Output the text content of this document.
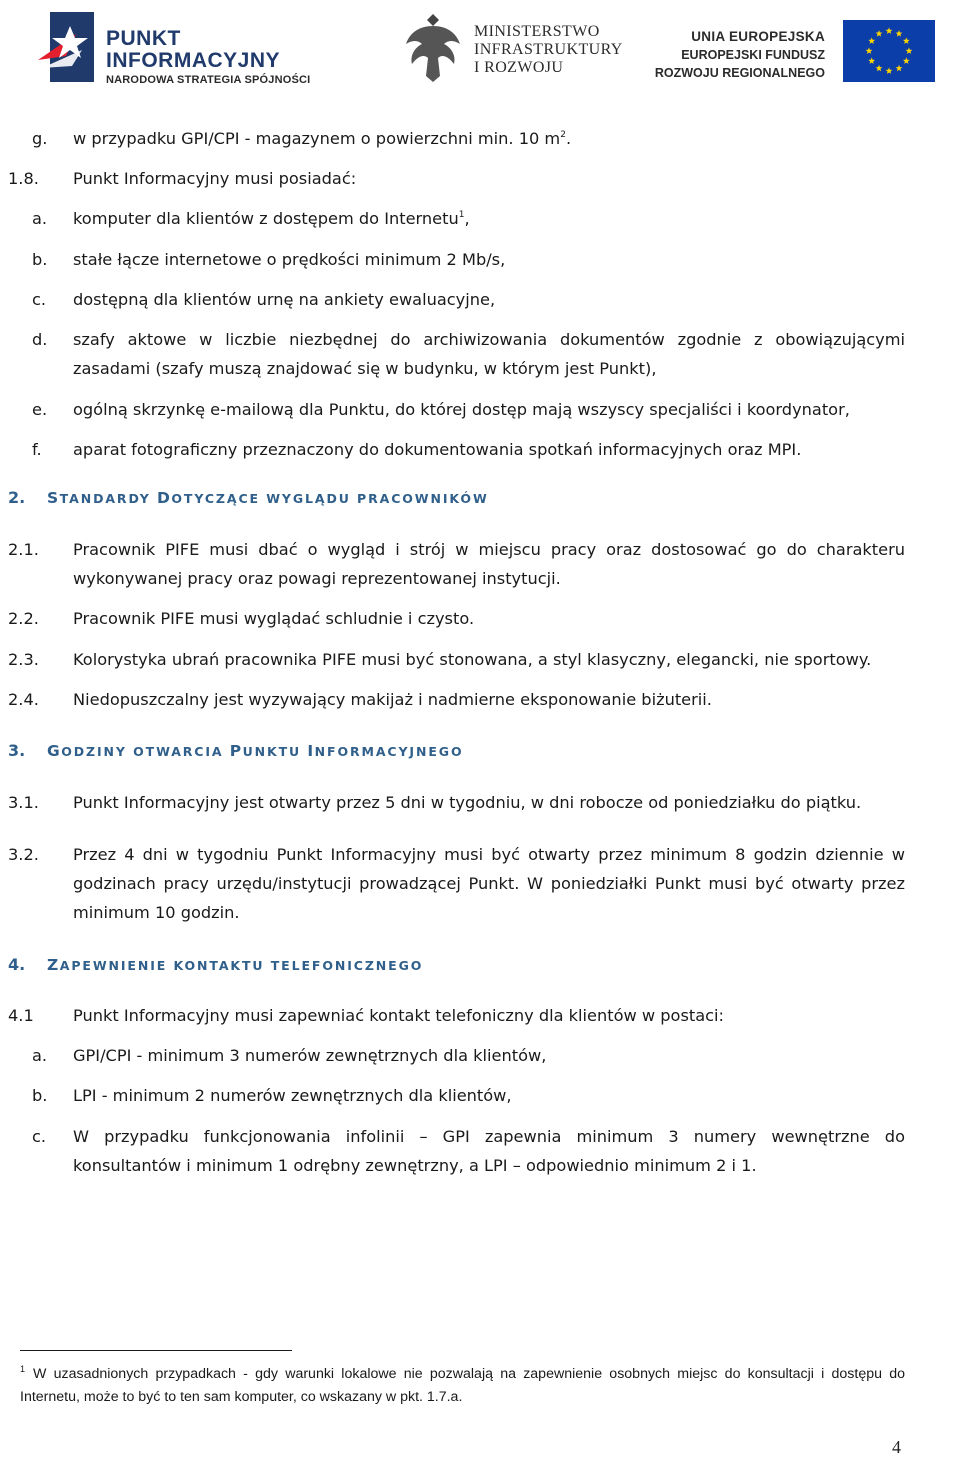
PUNKT
INFORMACYJNY
NARODOWA STRATEGIA SPÓJNOŚCI
MINISTERSTWO
INFRASTRUKTURY
I ROZWOJU
UNIA EUROPEJSKA
EUROPEJSKI FUNDUSZ
ROZWOJU REGIONALNEGO
g. w przypadku GPI/CPI - magazynem o powierzchni min. 10 $m^2$.
1.8. Punkt Informacyjny musi posiadać:
a. komputer dla klientów z dostępem do Internetu$^1$,
b. stałe łącze internetowe o prędkości minimum 2 Mb/s,
c. dostępną dla klientów urnę na ankiety ewaluacyjne,
d. szafy aktowe w liczbie niezbędnej do archiwizowania dokumentów zgodnie z obowiązującymi zasadami (szafy muszą znajdować się w budynku, w którym jest Punkt),
e. ogólną skrzynkę e-mailową dla Punktu, do której dostęp mają wszyscy specjaliści i koordynator,
f. aparat fotograficzny przeznaczony do dokumentowania spotkań informacyjnych oraz MPI.
2. STANDARDY DOTYCZĄCE WYGLĄDU PRACOWNIKÓW
2.1. Pracownik PIFE musi dbać o wygląd i strój w miejscu pracy oraz dostosować go do charakteru wykonywanej pracy oraz powagi reprezentowanej instytucji.
2.2. Pracownik PIFE musi wyglądać schludnie i czysto.
2.3. Kolorystyka ubrań pracownika PIFE musi być stonowana, a styl klasyczny, elegancki, nie sportowy.
2.4. Niedopuszczalny jest wyzywający makijaż i nadmierne eksponowanie biżuterii.
3. GODZINY OTWARCIA PUNKTU INFORMACYJNEGO
3.1. Punkt Informacyjny jest otwarty przez 5 dni w tygodniu, w dni robocze od poniedziałku do piątku.
3.2. Przez 4 dni w tygodniu Punkt Informacyjny musi być otwarty przez minimum 8 godzin dziennie w godzinach pracy urzędu/instytucji prowadzącej Punkt. W poniedziałki Punkt musi być otwarty przez minimum 10 godzin.
4. ZAPEWNIENIE KONTAKTU TELEFONICZNEGO
4.1 Punkt Informacyjny musi zapewniać kontakt telefoniczny dla klientów w postaci:
a. GPI/CPI - minimum 3 numerów zewnętrznych dla klientów,
b. LPI - minimum 2 numerów zewnętrznych dla klientów,
c. W przypadku funkcjonowania infolinii – GPI zapewnia minimum 3 numery wewnętrzne do konsultantów i minimum 1 odrębny zewnętrzny, a LPI – odpowiednio minimum 2 i 1.
$^1$ W uzasadnionych przypadkach - gdy warunki lokalowe nie pozwalają na zapewnienie osobnych miejsc do konsultacji i dostępu do Internetu, może to być to ten sam komputer, co wskazany w pkt. 1.7.a.
4
